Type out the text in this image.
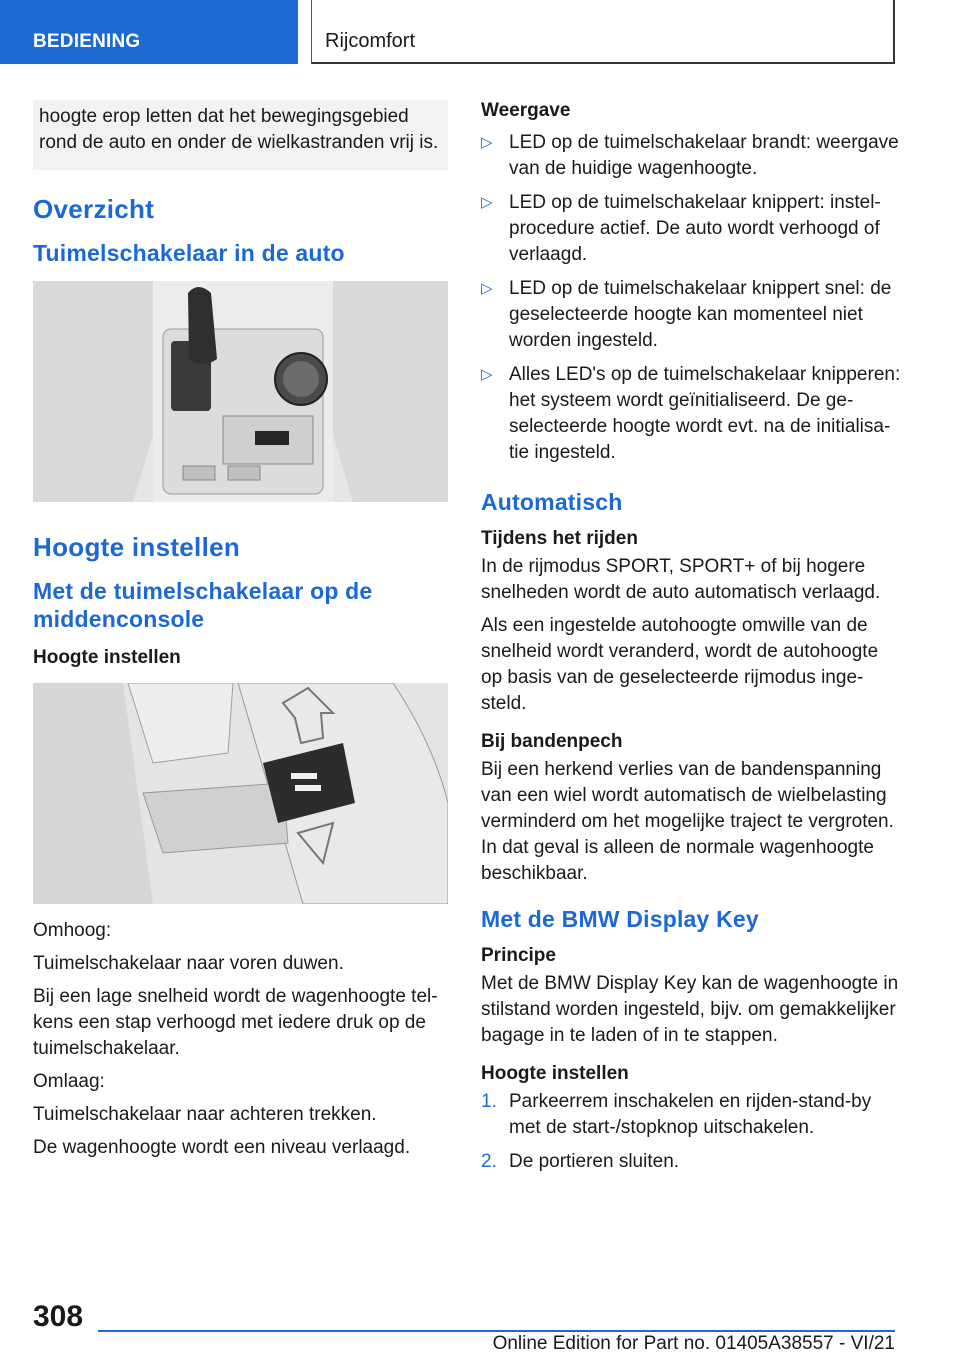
BEDIENING	Rijcomfort
hoogte erop letten dat het bewegingsgebied rond de auto en onder de wielkastranden vrij is.
Overzicht
Tuimelschakelaar in de auto
Hoogte instellen
Met de tuimelschakelaar op de middenconsole
Hoogte instellen

Omhoog:

Tuimelschakelaar naar voren duwen.

Bij een lage snelheid wordt de wagenhoogte telkens een stap verhoogd met iedere druk op de tuimelschakelaar.

Omlaag:

Tuimelschakelaar naar achteren trekken.

De wagenhoogte wordt een niveau verlaagd.

Weergave
▷ LED op de tuimelschakelaar brandt: weergave van de huidige wagenhoogte.
▷ LED op de tuimelschakelaar knippert: instelprocedure actief. De auto wordt verhoogd of verlaagd.
▷ LED op de tuimelschakelaar knippert snel: de geselecteerde hoogte kan momenteel niet worden ingesteld.
▷ Alles LED's op de tuimelschakelaar knipperen: het systeem wordt geïnitialiseerd. De geselecteerde hoogte wordt evt. na de initialisatie ingesteld.
Automatisch
Tijdens het rijden

In de rijmodus SPORT, SPORT+ of bij hogere snelheden wordt de auto automatisch verlaagd.

Als een ingestelde autohoogte omwille van de snelheid wordt veranderd, wordt de autohoogte op basis van de geselecteerde rijmodus ingesteld.

Bij bandenpech

Bij een herkend verlies van de bandenspanning van een wiel wordt automatisch de wielbelasting verminderd om het mogelijke traject te vergroten. In dat geval is alleen de normale wagenhoogte beschikbaar.

Met de BMW Display Key
Principe

Met de BMW Display Key kan de wagenhoogte in stilstand worden ingesteld, bijv. om gemakkelijker bagage in te laden of in te stappen.

Hoogte instellen
1. Parkeerrem inschakelen en rijden-stand-by met de start-/stopknop uitschakelen.
2. De portieren sluiten.
308
Online Edition for Part no. 01405A38557 - VI/21
